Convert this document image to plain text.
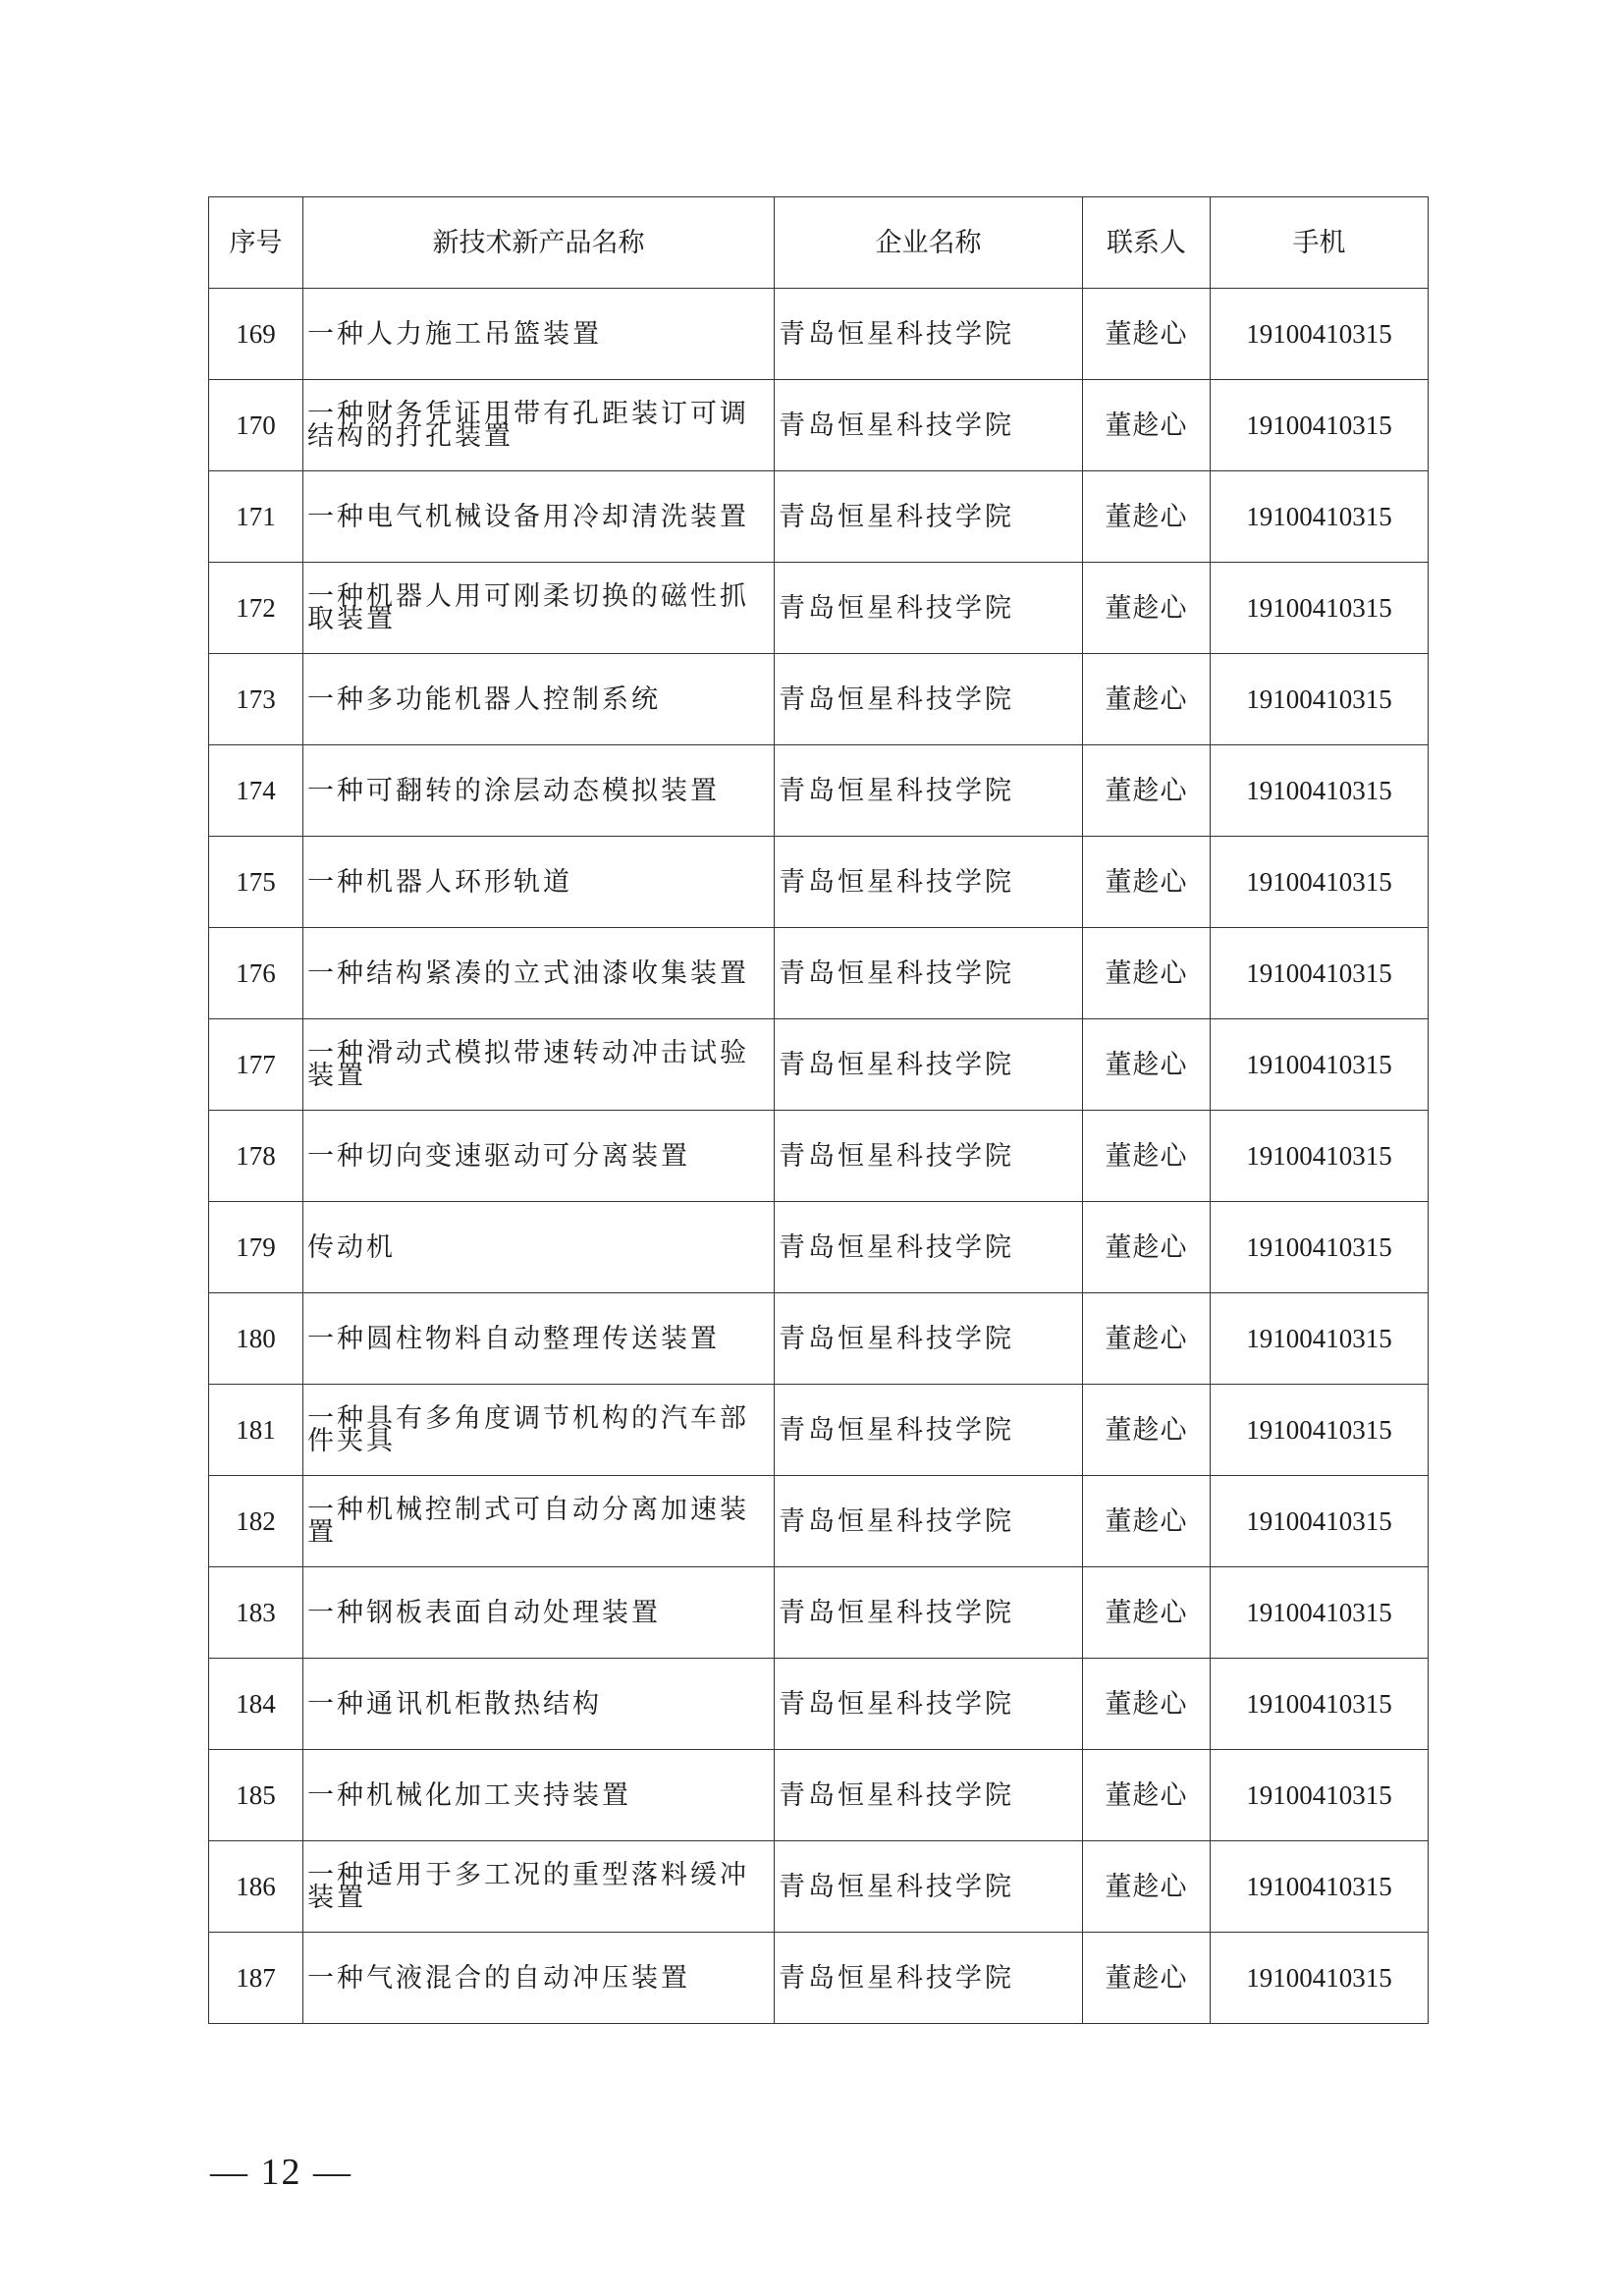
序号	新技术新产品名称	企业名称	联系人	手机
169	一种人力施工吊篮装置	青岛恒星科技学院	董趁心	19100410315
170	一种财务凭证用带有孔距装订可调结构的打孔装置	青岛恒星科技学院	董趁心	19100410315
171	一种电气机械设备用冷却清洗装置	青岛恒星科技学院	董趁心	19100410315
172	一种机器人用可刚柔切换的磁性抓取装置	青岛恒星科技学院	董趁心	19100410315
173	一种多功能机器人控制系统	青岛恒星科技学院	董趁心	19100410315
174	一种可翻转的涂层动态模拟装置	青岛恒星科技学院	董趁心	19100410315
175	一种机器人环形轨道	青岛恒星科技学院	董趁心	19100410315
176	一种结构紧凑的立式油漆收集装置	青岛恒星科技学院	董趁心	19100410315
177	一种滑动式模拟带速转动冲击试验装置	青岛恒星科技学院	董趁心	19100410315
178	一种切向变速驱动可分离装置	青岛恒星科技学院	董趁心	19100410315
179	传动机	青岛恒星科技学院	董趁心	19100410315
180	一种圆柱物料自动整理传送装置	青岛恒星科技学院	董趁心	19100410315
181	一种具有多角度调节机构的汽车部件夹具	青岛恒星科技学院	董趁心	19100410315
182	一种机械控制式可自动分离加速装置	青岛恒星科技学院	董趁心	19100410315
183	一种钢板表面自动处理装置	青岛恒星科技学院	董趁心	19100410315
184	一种通讯机柜散热结构	青岛恒星科技学院	董趁心	19100410315
185	一种机械化加工夹持装置	青岛恒星科技学院	董趁心	19100410315
186	一种适用于多工况的重型落料缓冲装置	青岛恒星科技学院	董趁心	19100410315
187	一种气液混合的自动冲压装置	青岛恒星科技学院	董趁心	19100410315
— 12 —
